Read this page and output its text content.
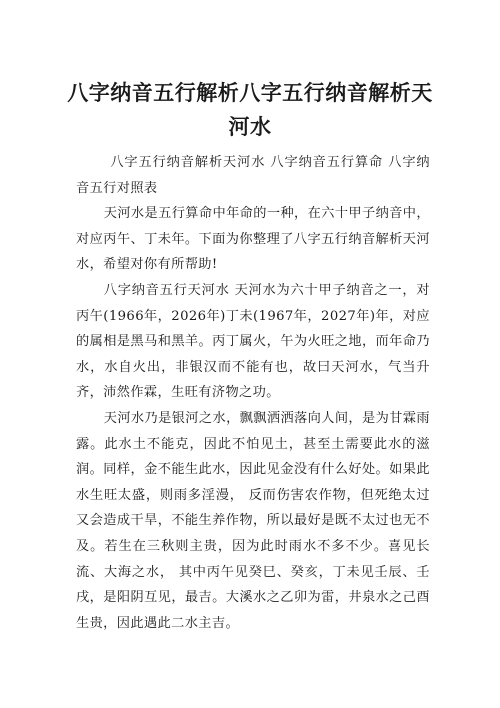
八字纳音五行解析八字五行纳音解析天河水

八字五行纳音解析天河水 八字纳音五行算命 八字纳音五行对照表

天河水是五行算命中年命的一种，在六十甲子纳音中，对应丙午、丁未年。下面为你整理了八字五行纳音解析天河水，希望对你有所帮助!

八字纳音五行天河水 天河水为六十甲子纳音之一，对丙午(1966年，2026年)丁未(1967年，2027年)年，对应的属相是黑马和黑羊。丙丁属火，午为火旺之地，而年命乃水，水自火出，非银汉而不能有也，故曰天河水，气当升齐，沛然作霖，生旺有济物之功。

天河水乃是银河之水，飘飘洒洒落向人间，是为甘霖雨露。此水土不能克，因此不怕见土，甚至土需要此水的滋润。同样，金不能生此水，因此见金没有什么好处。如果此水生旺太盛，则雨多淫漫， 反而伤害农作物，但死绝太过又会造成干旱，不能生养作物，所以最好是既不太过也无不及。若生在三秋则主贵，因为此时雨水不多不少。喜见长流、大海之水， 其中丙午见癸巳、癸亥，丁未见壬辰、壬戌，是阳阴互见，最吉。大溪水之乙卯为雷，井泉水之己酉生贵，因此遇此二水主吉。
